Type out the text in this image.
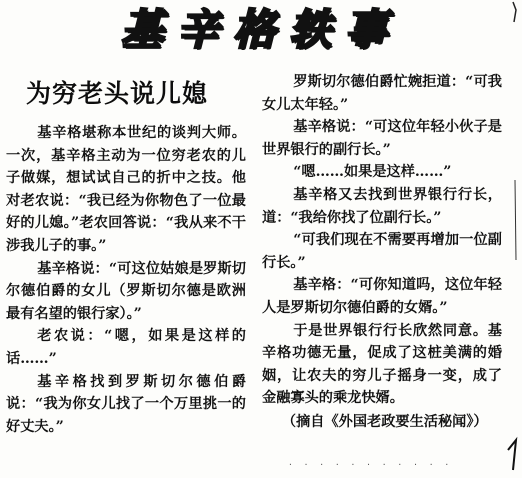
基辛格轶事
为穷老头说儿媳

基辛格堪称本世纪的谈判大师。一次，基辛格主动为一位穷老农的儿子做媒，想试试自己的折中之技。他对老农说：“我已经为你物色了一位最好的儿媳。”老农回答说：“我从来不干涉我儿子的事。”

基辛格说：“可这位姑娘是罗斯切尔德伯爵的女儿（罗斯切尔德是欧洲最有名望的银行家）。”

老农说：“嗯，如果是这样的话……”

基辛格找到罗斯切尔德伯爵说：“我为你女儿找了一个万里挑一的好丈夫。”

罗斯切尔德伯爵忙婉拒道：“可我女儿太年轻。”

基辛格说：“可这位年轻小伙子是世界银行的副行长。”

“嗯……如果是这样……”

基辛格又去找到世界银行行长，道：“我给你找了位副行长。”

“可我们现在不需要再增加一位副行长。”

基辛格：“可你知道吗，这位年轻人是罗斯切尔德伯爵的女婿。”

于是世界银行行长欣然同意。基辛格功德无量，促成了这桩美满的婚姻，让农夫的穷儿子摇身一变，成了金融寡头的乘龙快婿。

（摘自《外国老政要生活秘闻》）

· · · · · · · · · · ·
